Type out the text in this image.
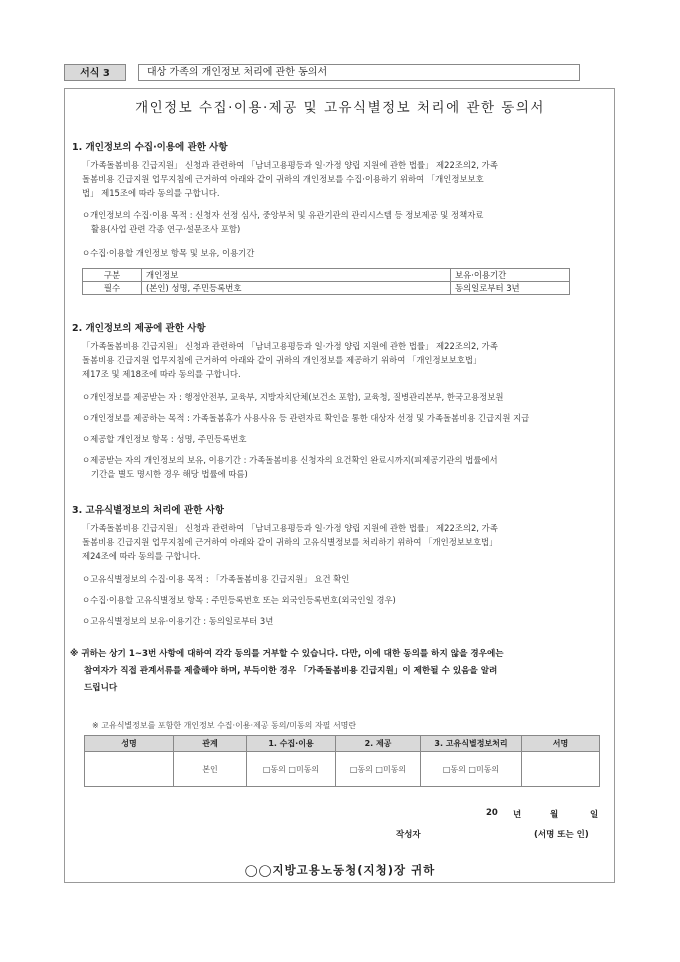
서식 3	대상 가족의 개인정보 처리에 관한 동의서
개인정보 수집·이용·제공 및 고유식별정보 처리에 관한 동의서
1. 개인정보의 수집·이용에 관한 사항
「가족돌봄비용 긴급지원」 신청과 관련하여 「남녀고용평등과 일·가정 양립 지원에 관한 법률」 제22조의2, 가족
돌봄비용 긴급지원 업무지침에 근거하여 아래와 같이 귀하의 개인정보를 수집·이용하기 위하여 「개인정보보호
법」 제15조에 따라 동의를 구합니다.
ㅇ개인정보의 수집·이용 목적 : 신청자 선정 심사, 중앙부처 및 유관기관의 관리시스템 등 정보제공 및 정책자료
활용(사업 관련 각종 연구·설문조사 포함)
ㅇ수집·이용할 개인정보 항목 및 보유, 이용기간
구분	개인정보	보유·이용기간
필수	(본인) 성명, 주민등록번호	동의일로부터 3년
2. 개인정보의 제공에 관한 사항
「가족돌봄비용 긴급지원」 신청과 관련하여 「남녀고용평등과 일·가정 양립 지원에 관한 법률」 제22조의2, 가족
돌봄비용 긴급지원 업무지침에 근거하여 아래와 같이 귀하의 개인정보를 제공하기 위하여 「개인정보보호법」
제17조 및 제18조에 따라 동의를 구합니다.
ㅇ개인정보를 제공받는 자 : 행정안전부, 교육부, 지방자치단체(보건소 포함), 교육청, 질병관리본부, 한국고용정보원
ㅇ개인정보를 제공하는 목적 : 가족돌봄휴가 사용사유 등 관련자료 확인을 통한 대상자 선정 및 가족돌봄비용 긴급지원 지급
ㅇ제공할 개인정보 항목 : 성명, 주민등록번호
ㅇ제공받는 자의 개인정보의 보유, 이용기간 : 가족돌봄비용 신청자의 요건확인 완료시까지(피제공기관의 법률에서
기간을 별도 명시한 경우 해당 법률에 따름)
3. 고유식별정보의 처리에 관한 사항
「가족돌봄비용 긴급지원」 신청과 관련하여 「남녀고용평등과 일·가정 양립 지원에 관한 법률」 제22조의2, 가족
돌봄비용 긴급지원 업무지침에 근거하여 아래와 같이 귀하의 고유식별정보를 처리하기 위하여 「개인정보보호법」
제24조에 따라 동의를 구합니다.
ㅇ고유식별정보의 수집·이용 목적 : 「가족돌봄비용 긴급지원」 요건 확인
ㅇ수집·이용할 고유식별정보 항목 : 주민등록번호 또는 외국인등록번호(외국인일 경우)
ㅇ고유식별정보의 보유·이용기간 : 동의일로부터 3년
※ 귀하는 상기 1~3번 사항에 대하여 각각 동의를 거부할 수 있습니다. 다만, 이에 대한 동의를 하지 않을 경우에는
참여자가 직접 관계서류를 제출해야 하며, 부득이한 경우 「가족돌봄비용 긴급지원」이 제한될 수 있음을 알려
드립니다
※ 고유식별정보를 포함한 개인정보 수집·이용·제공 동의/미동의 자필 서명란
성명	관계	1. 수집·이용	2. 제공	3. 고유식별정보처리	서명
	본인	□동의 □미동의	□동의 □미동의	□동의 □미동의	
20 년	월	일
작성자	(서명 또는 인)
◯◯지방고용노동청(지청)장 귀하
